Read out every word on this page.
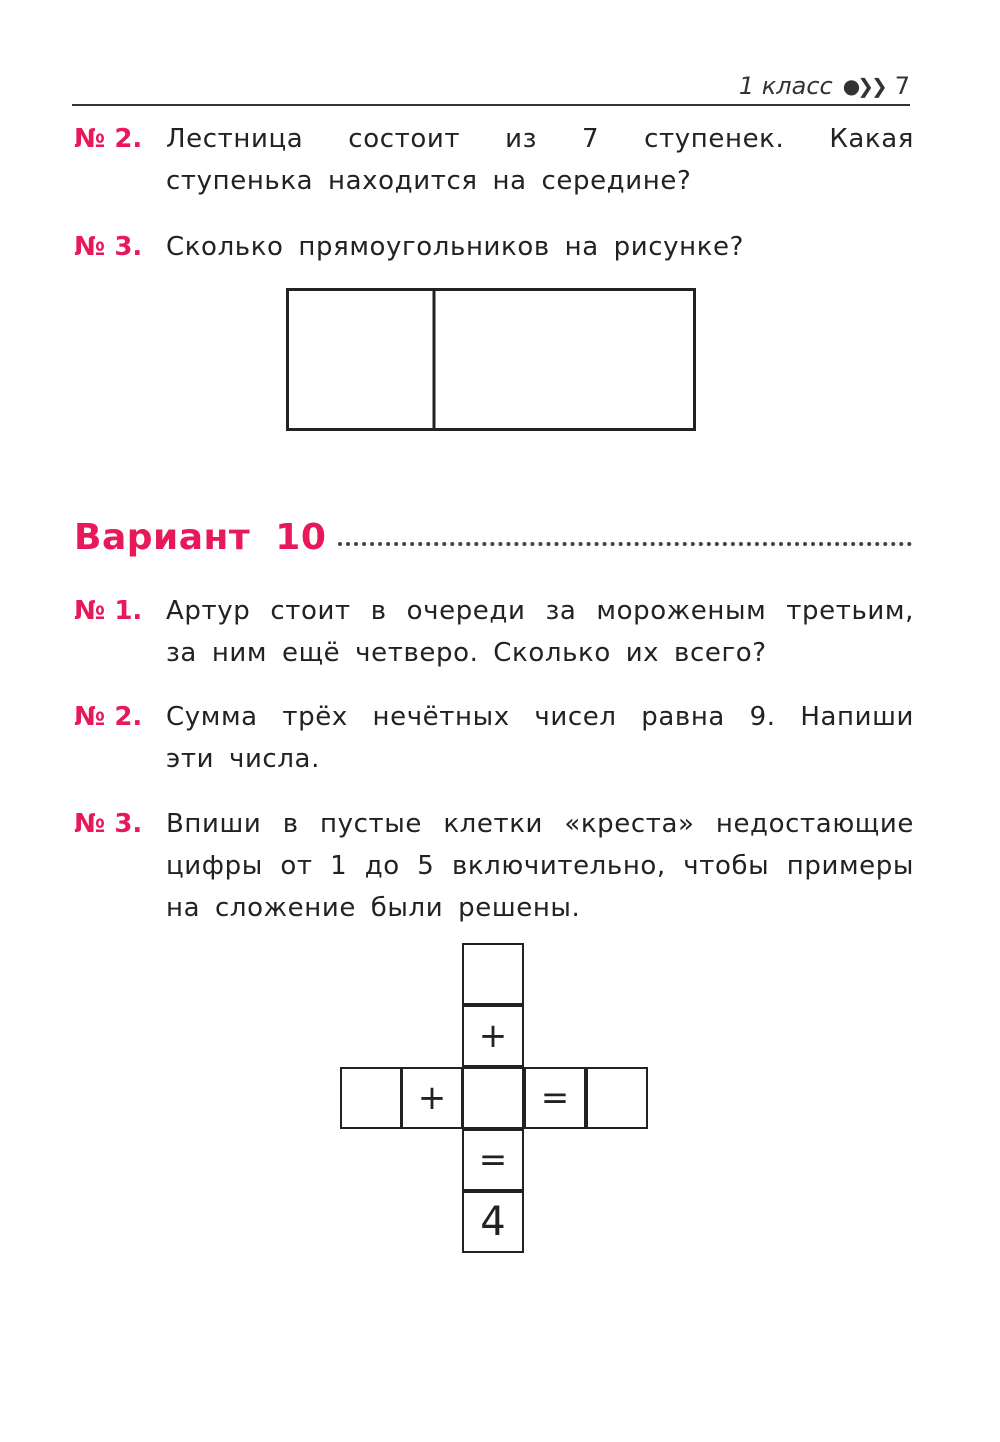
1 класс ●❯❯ 7
№ 2. Лестница состоит из 7 ступенек. Какая ступенька находится на середине?
№ 3. Сколько прямоугольников на рисунке?
Вариант 10
№ 1. Артур стоит в очереди за мороженым третьим, за ним ещё четверо. Сколько их всего?
№ 2. Сумма трёх нечётных чисел равна 9. Напиши эти числа.
№ 3. Впиши в пустые клетки «креста» недостающие цифры от 1 до 5 включительно, чтобы примеры на сложение были решены.
+
=
4
+	=
